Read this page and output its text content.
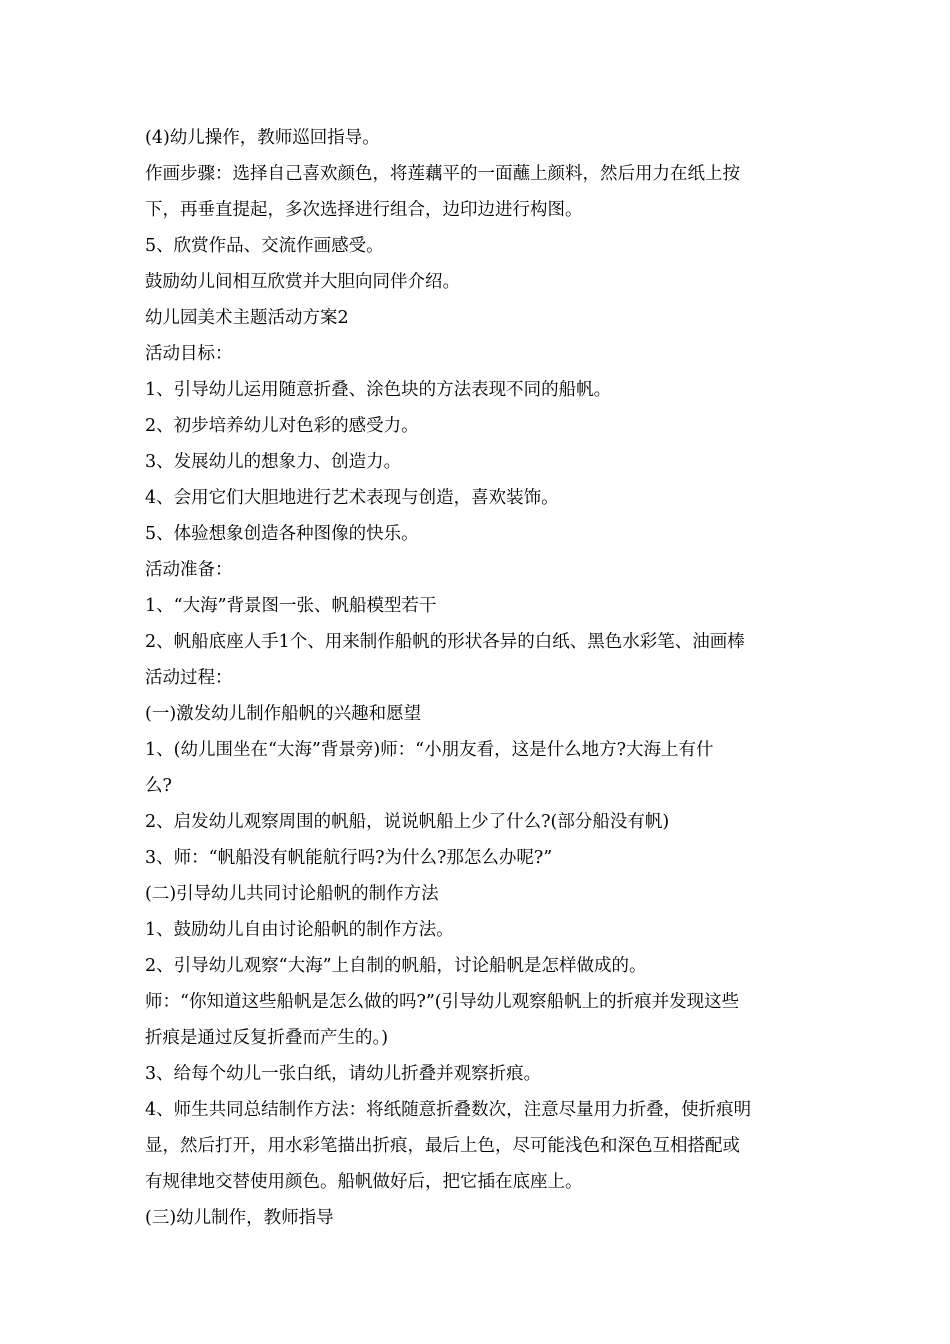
(4)幼儿操作，教师巡回指导。
作画步骤：选择自己喜欢颜色，将莲藕平的一面蘸上颜料，然后用力在纸上按
下，再垂直提起，多次选择进行组合，边印边进行构图。
5、欣赏作品、交流作画感受。
鼓励幼儿间相互欣赏并大胆向同伴介绍。
幼儿园美术主题活动方案2
活动目标：
1、引导幼儿运用随意折叠、涂色块的方法表现不同的船帆。
2、初步培养幼儿对色彩的感受力。
3、发展幼儿的想象力、创造力。
4、会用它们大胆地进行艺术表现与创造，喜欢装饰。
5、体验想象创造各种图像的快乐。
活动准备：
1、“大海”背景图一张、帆船模型若干
2、帆船底座人手1个、用来制作船帆的形状各异的白纸、黑色水彩笔、油画棒
活动过程：
(一)激发幼儿制作船帆的兴趣和愿望
1、(幼儿围坐在“大海”背景旁)师：“小朋友看，这是什么地方?大海上有什
么?
2、启发幼儿观察周围的帆船，说说帆船上少了什么?(部分船没有帆)
3、师：“帆船没有帆能航行吗?为什么?那怎么办呢?”
(二)引导幼儿共同讨论船帆的制作方法
1、鼓励幼儿自由讨论船帆的制作方法。
2、引导幼儿观察“大海”上自制的帆船，讨论船帆是怎样做成的。
师：“你知道这些船帆是怎么做的吗?”(引导幼儿观察船帆上的折痕并发现这些
折痕是通过反复折叠而产生的。)
3、给每个幼儿一张白纸，请幼儿折叠并观察折痕。
4、师生共同总结制作方法：将纸随意折叠数次，注意尽量用力折叠，使折痕明
显，然后打开，用水彩笔描出折痕，最后上色，尽可能浅色和深色互相搭配或
有规律地交替使用颜色。船帆做好后，把它插在底座上。
(三)幼儿制作，教师指导
